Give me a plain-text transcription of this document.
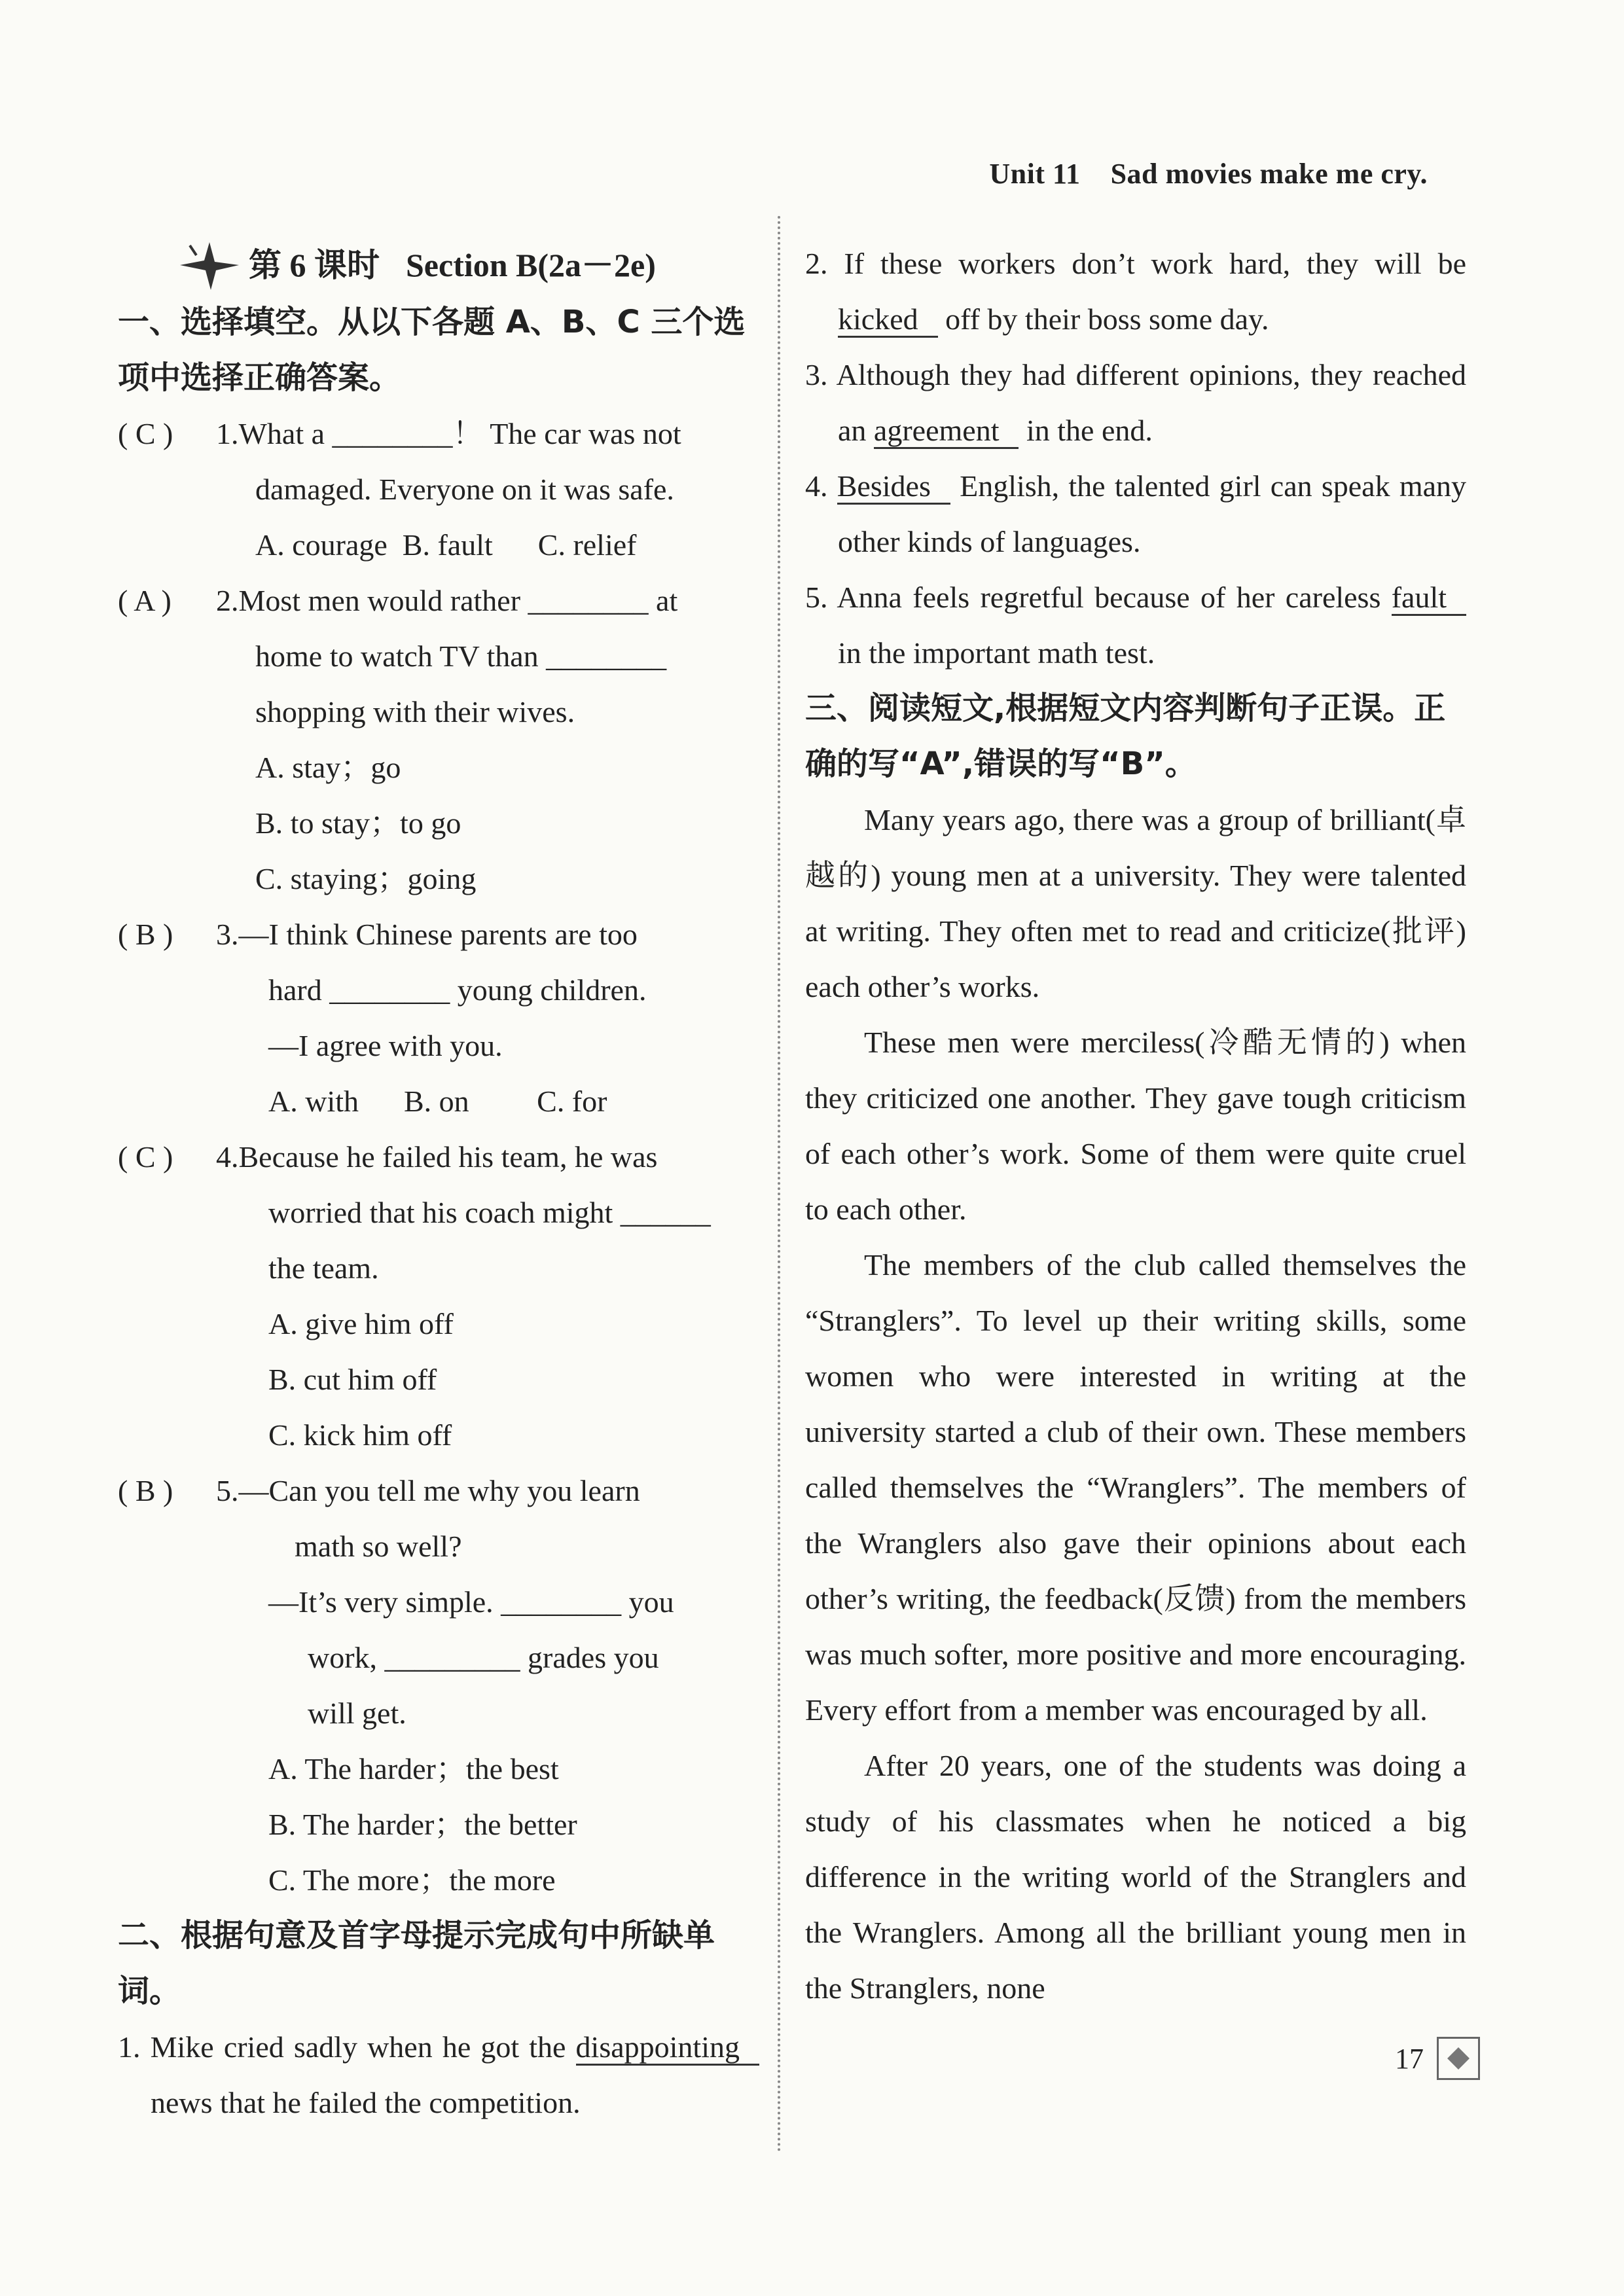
Unit 11 Sad movies make me cry.
第 6 课时 Section B(2a－2e)
一、选择填空。从以下各题 A、B、C 三个选项中选择正确答案。
( C ) 1.What a ________！ The car was not
damaged. Everyone on it was safe.
A. courage  B. fault      C. relief
( A ) 2.Most men would rather ________ at
home to watch TV than ________
shopping with their wives.
A. stay；go
B. to stay；to go
C. staying；going
( B ) 3.—I think Chinese parents are too
hard ________ young children.
—I agree with you.
A. with      B. on         C. for
( C ) 4.Because he failed his team, he was
worried that his coach might ______
the team.
A. give him off
B. cut him off
C. kick him off
( B ) 5.—Can you tell me why you learn
math so well?
—It’s very simple. ________ you
work, _________ grades you
will get.
A. The harder；the best
B. The harder；the better
C. The more；the more
二、根据句意及首字母提示完成句中所缺单词。
1. Mike cried sadly when he got the disappointing news that he failed the competition.
2. If these workers don’t work hard, they will be kicked off by their boss some day.
3. Although they had different opinions, they reached an agreement in the end.
4. Besides English, the talented girl can speak many other kinds of languages.
5. Anna feels regretful because of her careless fault in the important math test.
三、阅读短文,根据短文内容判断句子正误。正确的写“A”,错误的写“B”。
Many years ago, there was a group of brilliant(卓越的) young men at a university. They were talented at writing. They often met to read and criticize(批评) each other’s works.
These men were merciless(冷酷无情的) when they criticized one another. They gave tough criticism of each other’s work. Some of them were quite cruel to each other.
The members of the club called themselves the “Stranglers”. To level up their writing skills, some women who were interested in writing at the university started a club of their own. These members called themselves the “Wranglers”. The members of the Wranglers also gave their opinions about each other’s writing, the feedback(反馈) from the members was much softer, more positive and more encouraging. Every effort from a member was encouraged by all.
After 20 years, one of the students was doing a study of his classmates when he noticed a big difference in the writing world of the Stranglers and the Wranglers. Among all the brilliant young men in the Stranglers, none
17
